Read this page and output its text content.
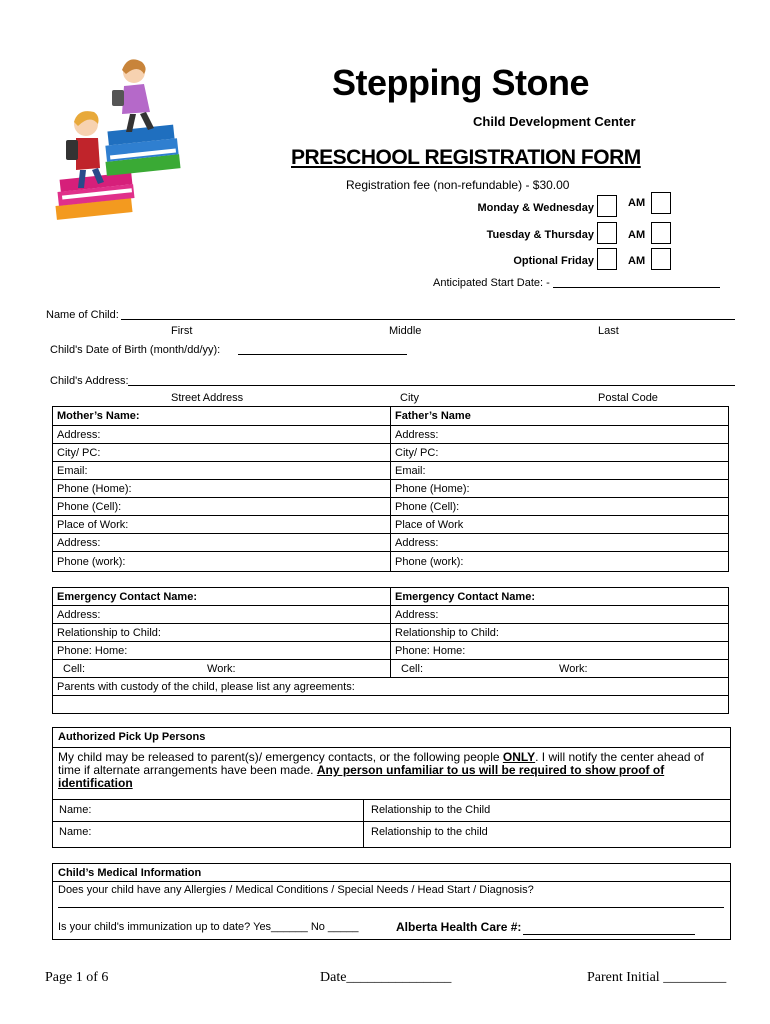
Stepping Stone
Child Development Center
PRESCHOOL REGISTRATION FORM
Registration fee (non-refundable) - $30.00
Monday & Wednesday	AM
Tuesday & Thursday	AM
Optional Friday	AM
Anticipated Start Date: -
Name of Child:
First	Middle	Last
Child's Date of Birth (month/dd/yy):
Child's Address:
Street Address	City	Postal Code
Mother’s Name:	Father’s Name
Address:	Address:
City/ PC:	City/ PC:
Email:	Email:
Phone (Home):	Phone (Home):
Phone (Cell):	Phone (Cell):
Place of Work:	Place of Work
Address:	Address:
Phone (work):	Phone (work):
Emergency Contact Name:	Emergency Contact Name:
Address:	Address:
Relationship to Child:	Relationship to Child:
Phone: Home:	Phone: Home:
Cell: Work:	Cell: Work:
Parents with custody of the child, please list any agreements:	

Authorized Pick Up Persons
My child may be released to parent(s)/ emergency contacts, or the following people ONLY. I will notify the center ahead of time if alternate arrangements have been made. Any person unfamiliar to us will be required to show proof of identification
Name:	Relationship to the Child
Name:	Relationship to the child
Child’s Medical Information
Does your child have any Allergies / Medical Conditions / Special Needs / Head Start / Diagnosis?
Is your child's immunization up to date? Yes______ No _____	Alberta Health Care #:
Page 1 of 6	Date_______________	Parent Initial _________
